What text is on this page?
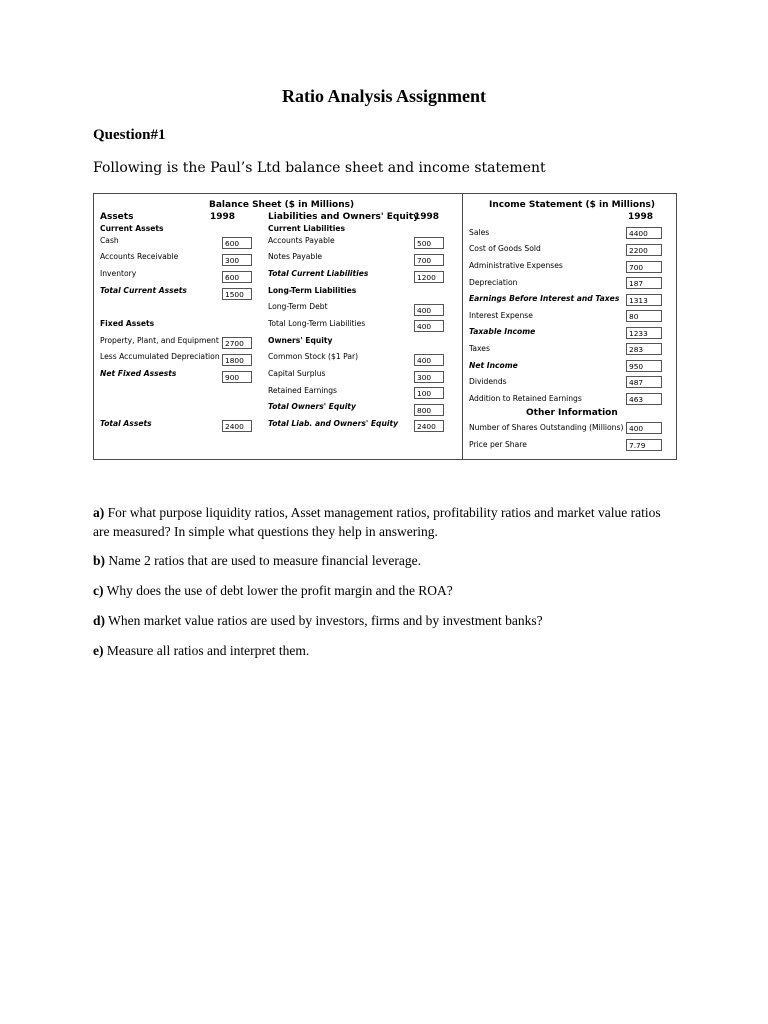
Ratio Analysis Assignment
Question#1
Following is the Paul’s Ltd balance sheet and income statement
Balance Sheet ($ in Millions)
Assets	1998	Liabilities and Owners' Equity
1998
Current Assets	Current Liabilities
Cash	600
Accounts Receivable	300
Inventory	600
Total Current Assets	1500
Fixed Assets
Property, Plant, and Equipment 2700
Less Accumulated Depreciation 1800
Net Fixed Assests	900
Total Assets	2400
Accounts Payable	500
Notes Payable	700
Total Current Liabilities	1200
Long-Term Liabilities
Long-Term Debt	400
Total Long-Term Liabilities	400
Owners' Equity
Common Stock ($1 Par)	400
Capital Surplus	300
Retained Earnings	100
Total Owners' Equity	800
Total Liab. and Owners' Equity	2400
Income Statement ($ in Millions)
1998
Sales	4400
Cost of Goods Sold	2200
Administrative Expenses	700
Depreciation	187
Earnings Before Interest and Taxes	1313
Interest Expense	80
Taxable Income	1233
Taxes	283
Net Income	950
Dividends	487
Addition to Retained Earnings	463
Other Information
Number of Shares Outstanding (Millions) 400
Price per Share	7.79
a) For what purpose liquidity ratios, Asset management ratios, profitability ratios and market value ratios are measured? In simple what questions they help in answering.
b) Name 2 ratios that are used to measure financial leverage.
c) Why does the use of debt lower the profit margin and the ROA?
d) When market value ratios are used by investors, firms and by investment banks?
e) Measure all ratios and interpret them.
